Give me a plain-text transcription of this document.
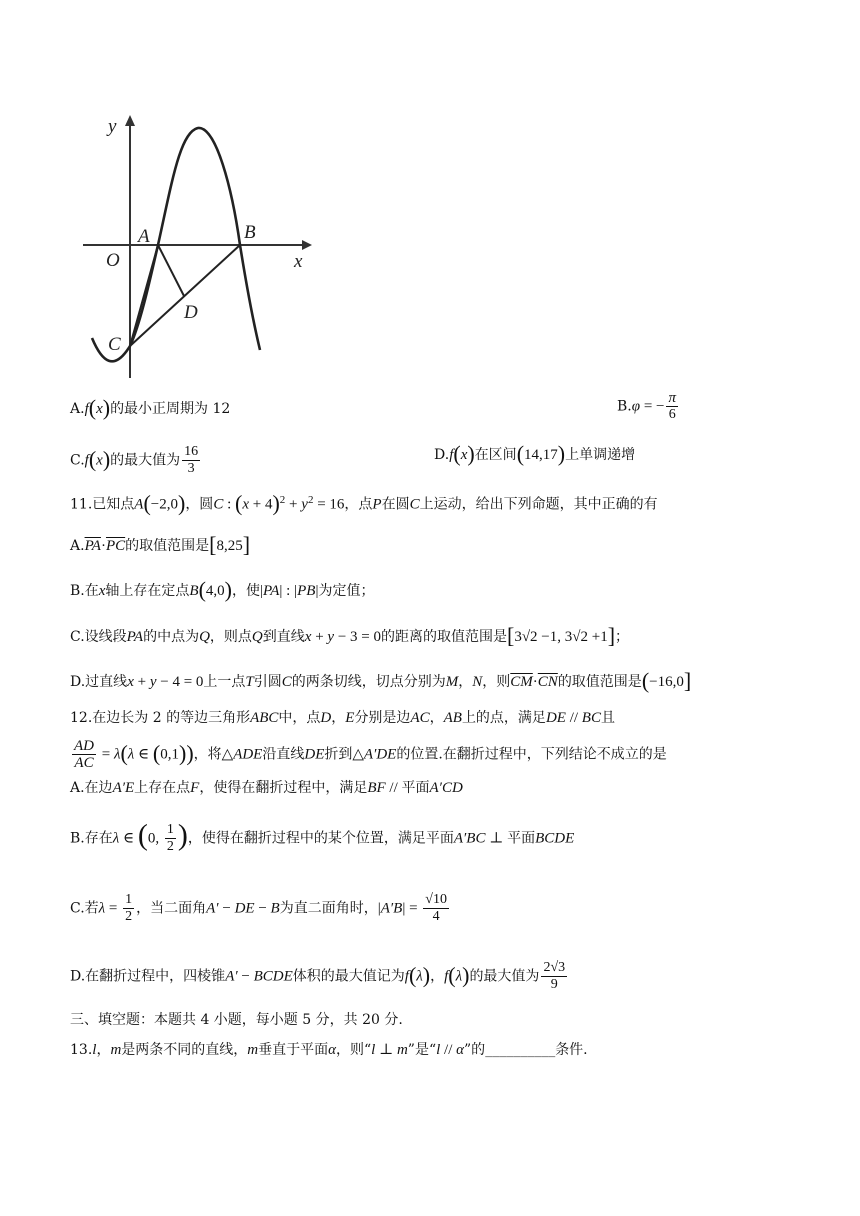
y
x
O
A	B
C
D
A.f(x)的最小正周期为 12	B.φ = − $\frac{\pi}{6}$
C.f(x)的最大值为 $\frac{16}{3}$	D.f(x)在区间(14,17)上单调递增
11.已知点A(−2,0)，圆C : $(x + 4)^2 + y^2 = 16$，点P在圆C上运动，给出下列命题，其中正确的有
$A.\overline{PA}\cdot\overline{PC}$的取值范围是[8,25]
B.在x轴上存在定点B(4,0)，使|PA| : |PB|为定值；
C.设线段PA的中点为Q，则点Q到直线x + y − 3 = 0的距离的取值范围是[3√2 −1, 3√2 +1]；
D.过直线x + y − 4 = 0上一点T引圆C的两条切线，切点分别为M，N，则$\overline{CM}\cdot\overline{CN}$的取值范围是(−16,0]
12.在边长为 2 的等边三角形ABC中，点D，E分别是边AC，AB上的点，满足DE // BC且
$\frac{AD}{AC} = \lambda(\lambda$ ∈ (0,1))，将△ADE沿直线DE折到△A′DE的位置.在翻折过程中，下列结论不成立的是
A.在边A′E上存在点F，使得在翻折过程中，满足BF // 平面A′CD
B.存在λ ∈ (0, $\frac{1}{2}$ )，使得在翻折过程中的某个位置，满足平面A′BC ⊥ 平面BCDE
C.若$\lambda = \frac{1}{2}$ ，当二面角A′ − DE − B为直二面角时，$|A'B| = \frac{√10}{4}$
D.在翻折过程中，四棱锥A′ − BCDE体积的最大值记为f(λ)，f(λ)的最大值为 $\frac{2√3}{9}$
三、填空题：本题共 4 小题，每小题 5 分，共 20 分.
13.l，m是两条不同的直线，m垂直于平面α，则“l ⊥ m”是“l // α”的__________条件.
